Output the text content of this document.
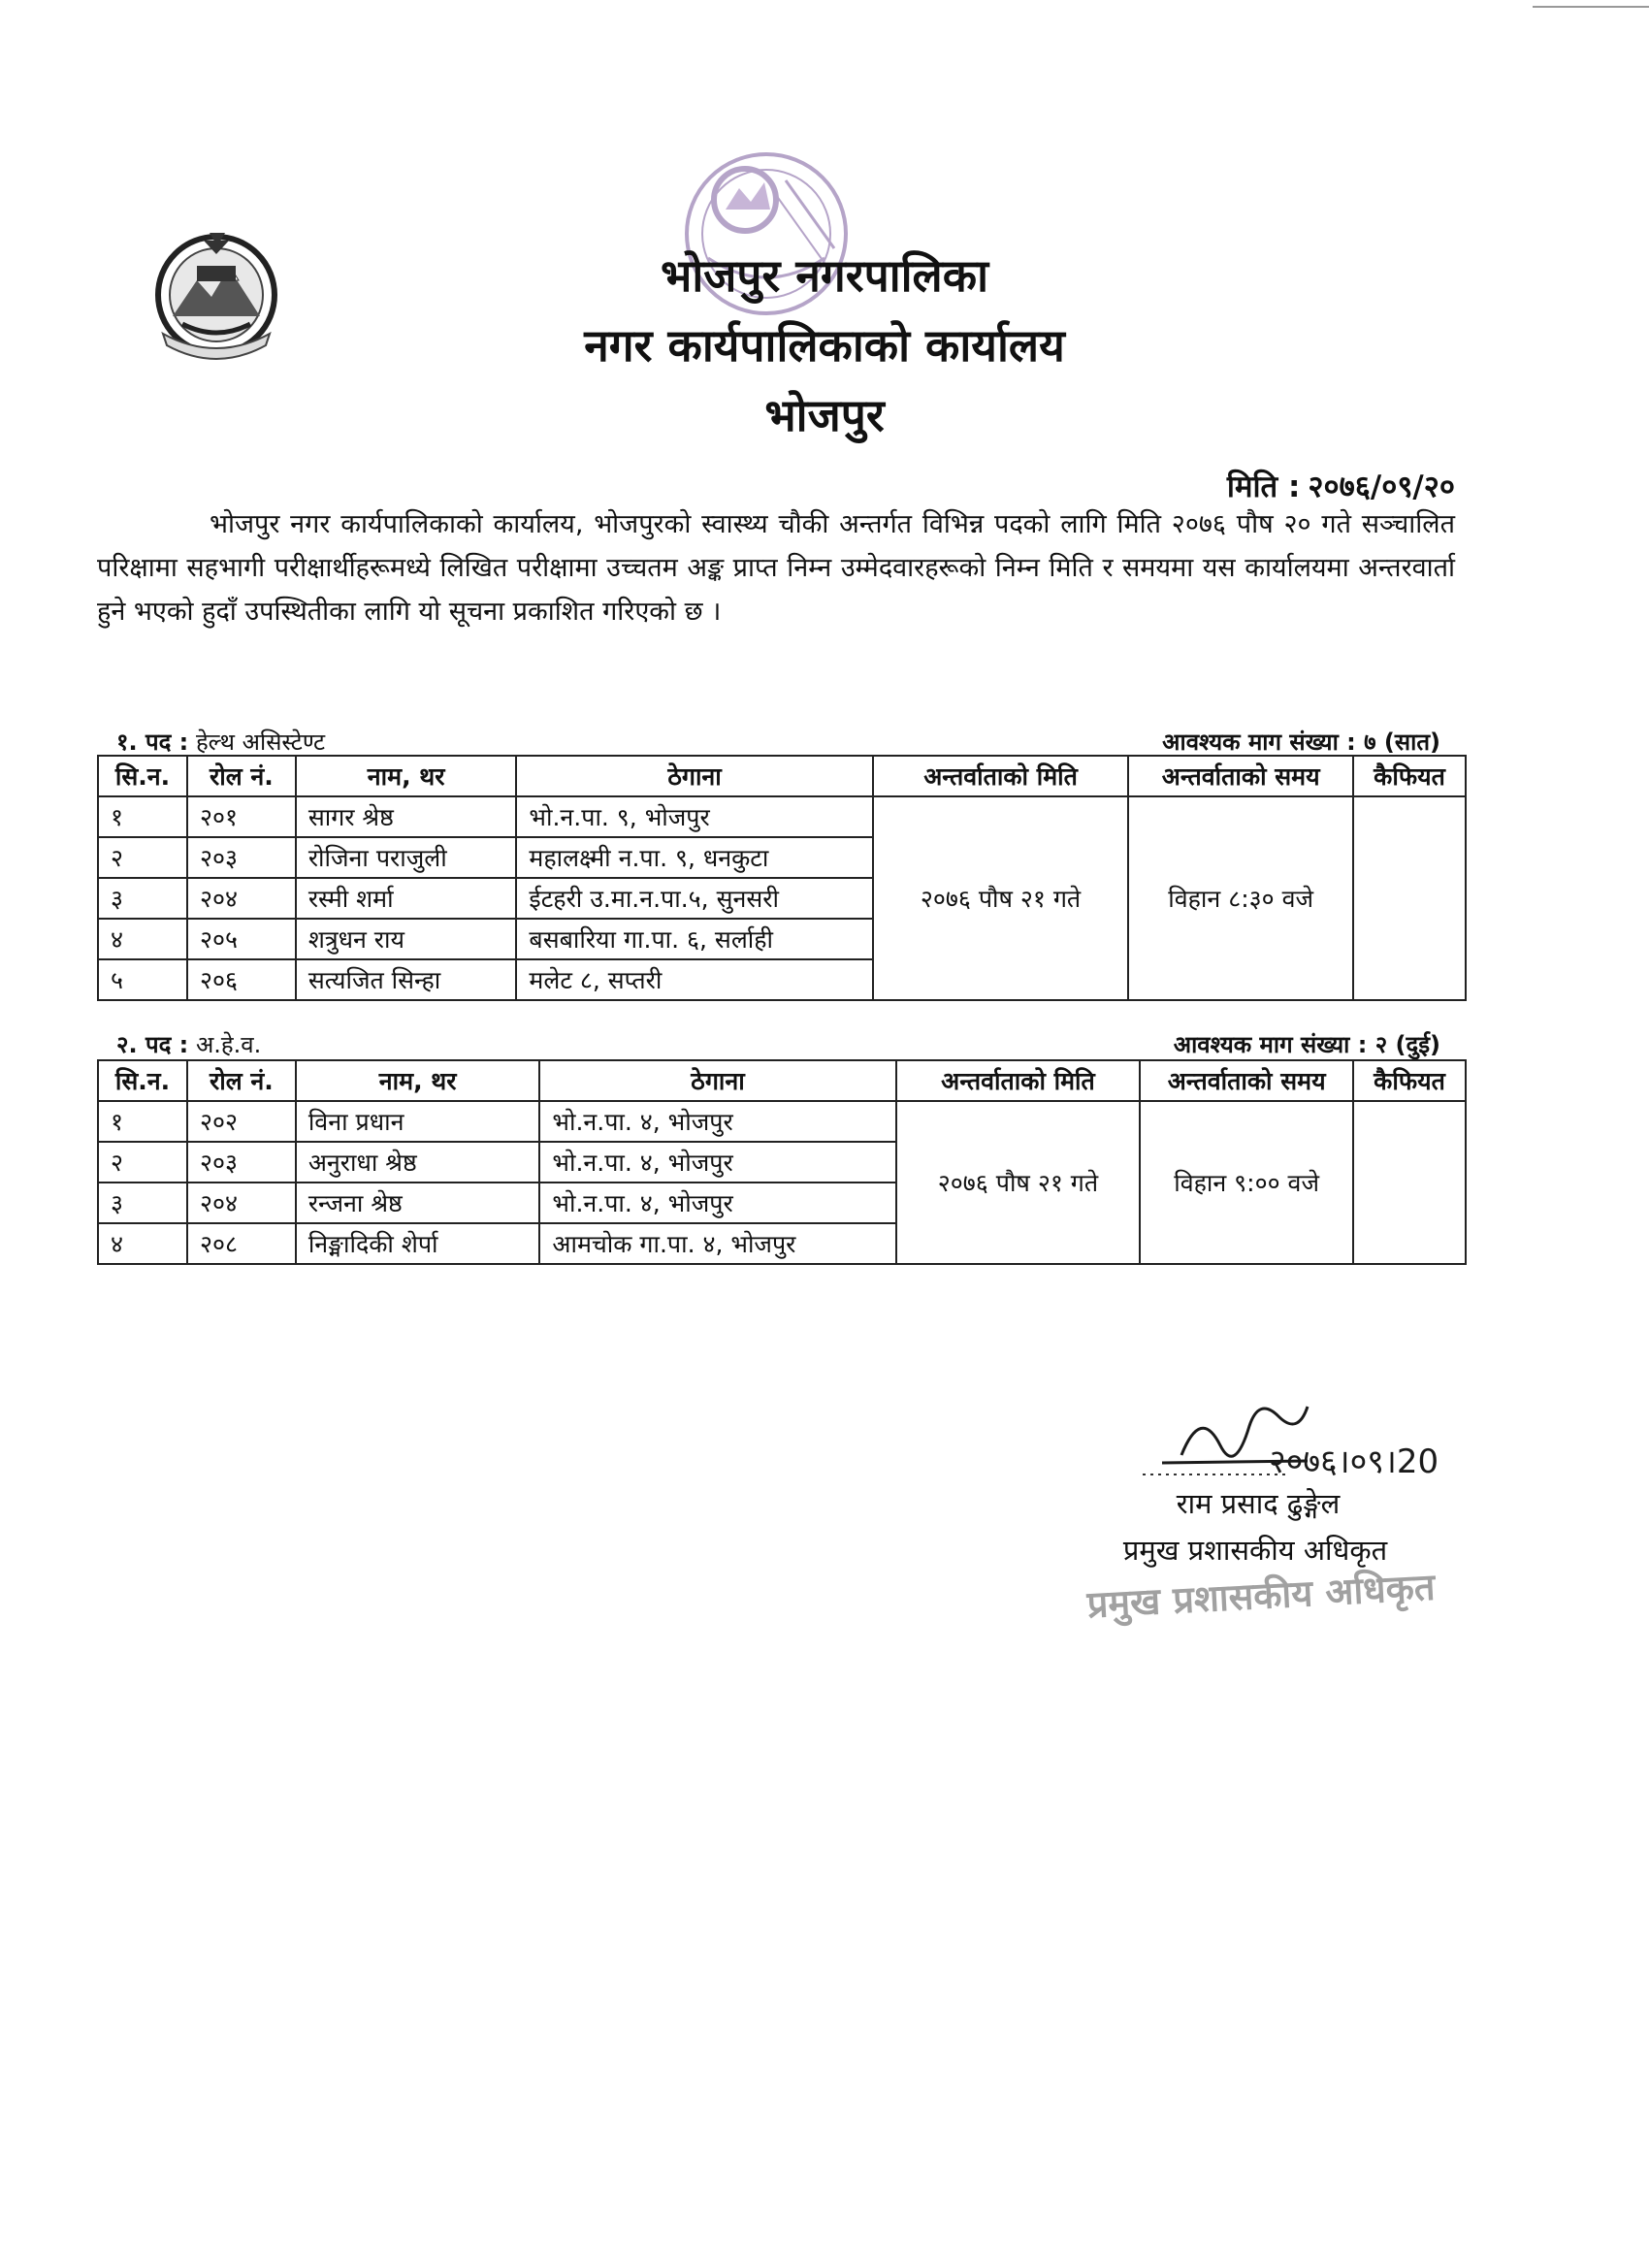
भोजपुर नगरपालिका
नगर कार्यपालिकाको कार्यालय
भोजपुर
मिति : २०७६/०९/२०
भोजपुर नगर कार्यपालिकाको कार्यालय, भोजपुरको स्वास्थ्य चौकी अन्तर्गत विभिन्न पदको लागि मिति २०७६ पौष २० गते सञ्चालित परिक्षामा सहभागी परीक्षार्थीहरूमध्ये लिखित परीक्षामा उच्चतम अङ्क प्राप्त निम्न उम्मेदवारहरूको निम्न मिति र समयमा यस कार्यालयमा अन्तरवार्ता हुने भएको हुदाँ उपस्थितीका लागि यो सूचना प्रकाशित गरिएको छ ।
१. पद : हेल्थ असिस्टेण्ट	आवश्यक माग संख्या : ७ (सात)
सि.न.	रोल नं.	नाम, थर	ठेगाना	अन्तर्वाताको मिति	अन्तर्वाताको समय	कैफियत
१	२०१	सागर श्रेष्ठ	भो.न.पा. ९, भोजपुर	२०७६ पौष २१ गते	विहान ८:३० वजे	
२	२०३	रोजिना पराजुली	महालक्ष्मी न.पा. ९, धनकुटा			
३	२०४	रस्मी शर्मा	ईटहरी उ.मा.न.पा.५, सुनसरी			
४	२०५	शत्रुधन राय	बसबारिया गा.पा. ६, सर्लाही			
५	२०६	सत्यजित सिन्हा	मलेट ८, सप्तरी			
२. पद : अ.हे.व.	आवश्यक माग संख्या : २ (दुई)
सि.न.	रोल नं.	नाम, थर	ठेगाना	अन्तर्वाताको मिति	अन्तर्वाताको समय	कैफियत
१	२०२	विना प्रधान	भो.न.पा. ४, भोजपुर	२०७६ पौष २१ गते	विहान ९:०० वजे	
२	२०३	अनुराधा श्रेष्ठ	भो.न.पा. ४, भोजपुर			
३	२०४	रन्जना श्रेष्ठ	भो.न.पा. ४, भोजपुर			
४	२०८	निङ्मादिकी शेर्पा	आमचोक गा.पा. ४, भोजपुर			
२०७६।०९।20
राम प्रसाद ढुङ्गेल
प्रमुख प्रशासकीय अधिकृत
प्रमुख प्रशासकीय अधिकृत
